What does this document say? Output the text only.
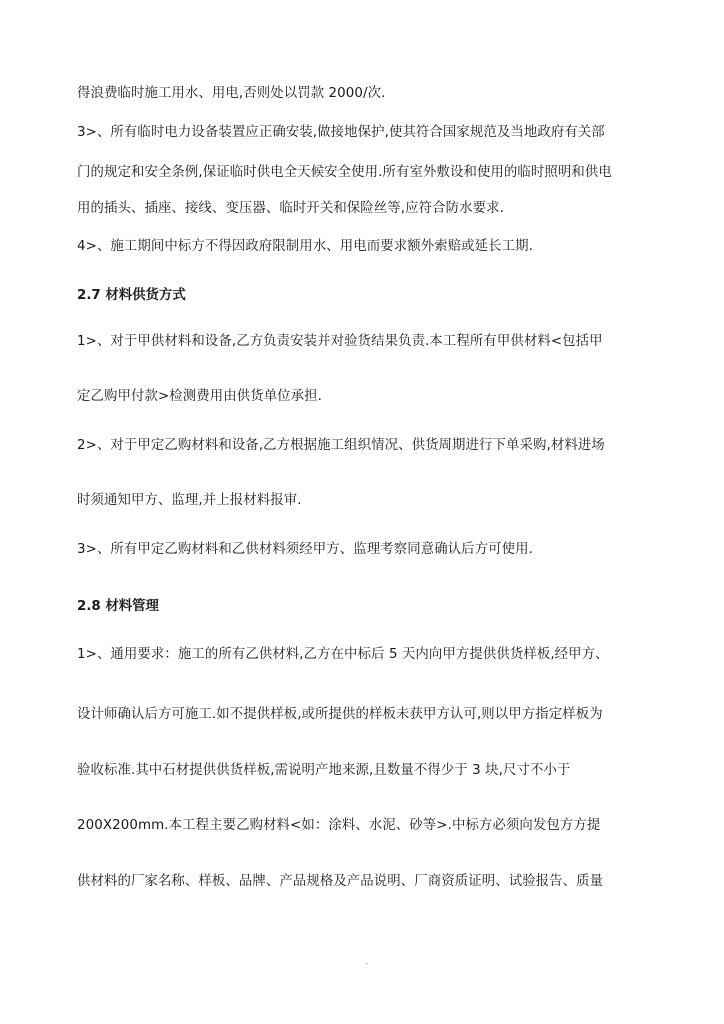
得浪费临时施工用水、用电,否则处以罚款 2000/次.
3>、所有临时电力设备装置应正确安装,做接地保护,使其符合国家规范及当地政府有关部
门的规定和安全条例,保证临时供电全天候安全使用.所有室外敷设和使用的临时照明和供电
用的插头、插座、接线、变压器、临时开关和保险丝等,应符合防水要求.
4>、施工期间中标方不得因政府限制用水、用电而要求额外索赔或延长工期.
2.7 材料供货方式
1>、对于甲供材料和设备,乙方负责安装并对验货结果负责.本工程所有甲供材料<包括甲
定乙购甲付款>检测费用由供货单位承担.
2>、对于甲定乙购材料和设备,乙方根据施工组织情况、供货周期进行下单采购,材料进场
时须通知甲方、监理,并上报材料报审.
3>、所有甲定乙购材料和乙供材料须经甲方、监理考察同意确认后方可使用.
2.8 材料管理
1>、通用要求：施工的所有乙供材料,乙方在中标后 5 天内向甲方提供供货样板,经甲方、
设计师确认后方可施工.如不提供样板,或所提供的样板未获甲方认可,则以甲方指定样板为
验收标准.其中石材提供供货样板,需说明产地来源,且数量不得少于 3 块,尺寸不小于
200X200mm.本工程主要乙购材料<如：涂料、水泥、砂等>.中标方必须向发包方方提
供材料的厂家名称、样板、品牌、产品规格及产品说明、厂商资质证明、试验报告、质量
.
